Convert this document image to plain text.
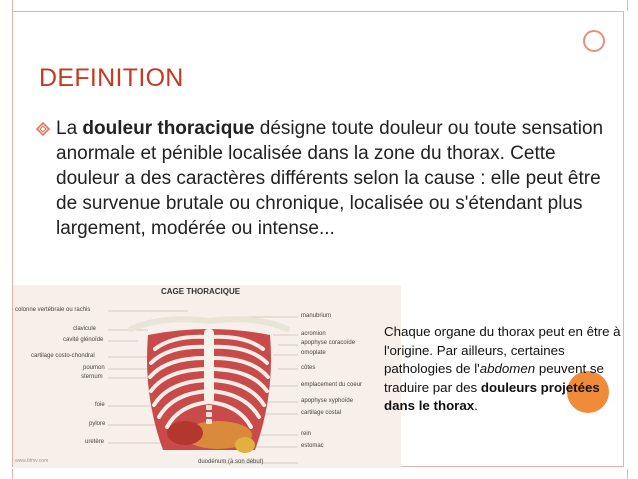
DEFINITION
La douleur thoracique désigne toute douleur ou toute sensation anormale et pénible localisée dans la zone du thorax. Cette douleur a des caractères différents selon la cause : elle peut être de survenue brutale ou chronique, localisée ou s'étendant plus largement, modérée ou intense...
CAGE THORACIQUE
colonne vertébrale ou rachis
clavicule
cavité glénoïde
cartilage costo-chondral
poumon
sternum
foie
pylore
uretère
manubrium
acromion
apophyse coracoïde
omoplate
côtes
emplacement du coeur
apophyse xyphoïde
cartilage costal
rein
estomac
duodénum (à son début)
www.bfmv.com
Chaque organe du thorax peut en être à l'origine. Par ailleurs, certaines pathologies de l'abdomen peuvent se traduire par des douleurs projetées dans le thorax.
